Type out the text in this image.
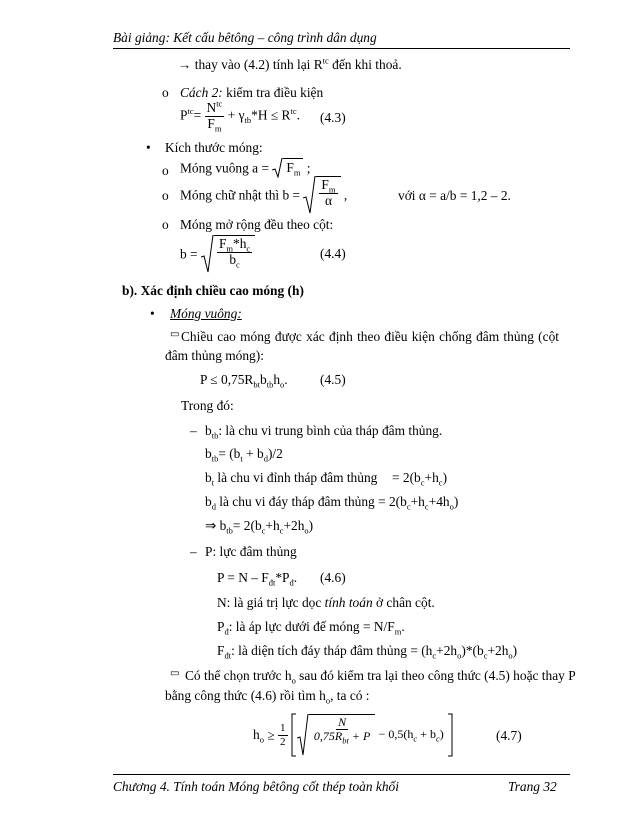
Bài giảng: Kết cấu bêtông – công trình dân dụng
→ thay vào (4.2) tính lại $R^{tc}$ đến khi thoả.
o Cách 2: kiểm tra điều kiện
$P^{tc}= \frac{N^{tc}}{F_m} + \gamma_{tb}*H \le R^{tc}$. (4.3)
• Kích thước móng:
o Móng vuông $a = F_m$ ;
o Móng chữ nhật thì $b = \frac{F_m}{\alpha}$ ,	với α = a/b = 1,2 – 2.
o Móng mở rộng đều theo cột:
$b = \frac{F_m*h_c}{b_c}$	(4.4)
b). Xác định chiều cao móng (h)
• Móng vuông:
▭ Chiều cao móng được xác định theo điều kiện chống đâm thủng (cột
đâm thủng móng):
$P \le 0,75R_{bt}b_{tb}h_o$. (4.5)
Trong đó:
– $b_{tb}$: là chu vi trung bình của tháp đâm thủng.
$b_{tb}= (b_t + b_d)/2$
$b_t$ là chu vi đỉnh tháp đâm thủng = $2(b_c+h_c)$
$b_d$ là chu vi đáy tháp đâm thủng = $2(b_c+h_c+4h_o)$
⇒ $b_{tb}= 2(b_c+h_c+2h_o)$
– P: lực đâm thủng
$P = N - F_{đt}*P_đ$. (4.6)
N: là giá trị lực dọc tính toán ở chân cột.
$P_đ$: là áp lực dưới đế móng = $N/F_m$.
$F_{đt}$: là diện tích đáy tháp đâm thủng = $(h_c+2h_o)*(b_c+2h_o)$
▭ Có thể chọn trước $h_o$ sau đó kiểm tra lại theo công thức (4.5) hoặc thay P
bằng công thức (4.6) rồi tìm $h_o$, ta có :
$h_o \ge \frac{1}{2}$
$\frac{N}{0,75R_{bt} + P} - 0,5(h_c + b_c)$	(4.7)
Chương 4. Tính toán Móng bêtông cốt thép toàn khối	Trang 32
